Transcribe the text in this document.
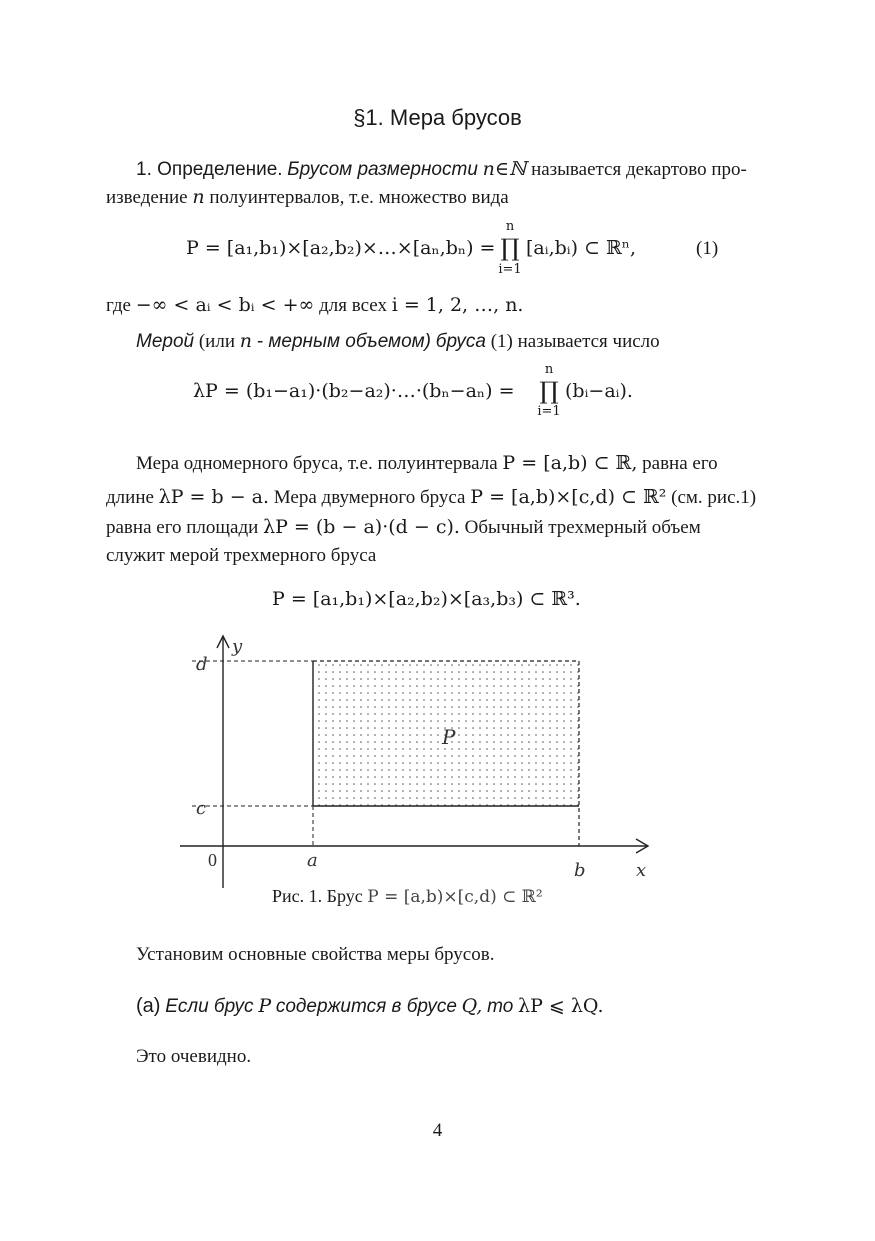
§1. Мера брусов
1. Определение. Брусом размерности n∈ℕ называется декартово про-
изведение n полуинтервалов, т.е. множество вида
P = [a₁,b₁)×[a₂,b₂)×…×[aₙ,bₙ) =
n
∏
i=1
[aᵢ,bᵢ) ⊂ ℝⁿ,	(1)
где −∞ < aᵢ < bᵢ < +∞ для всех i = 1, 2, …, n.
Мерой (или n - мерным объемом) бруса (1) называется число
λP = (b₁−a₁)·(b₂−a₂)·…·(bₙ−aₙ) =
n
∏
i=1
(bᵢ−aᵢ).
Мера одномерного бруса, т.е. полуинтервала P = [a,b) ⊂ ℝ, равна его
длине λP = b − a. Мера двумерного бруса P = [a,b)×[c,d) ⊂ ℝ² (см. рис.1)
равна его площади λP = (b − a)·(d − c). Обычный трехмерный объем
служит мерой трехмерного бруса
P = [a₁,b₁)×[a₂,b₂)×[a₃,b₃) ⊂ ℝ³.
y
x
d
c
0	a	b
P
Рис. 1. Брус P = [a,b)×[c,d) ⊂ ℝ²
Установим основные свойства меры брусов.
(а) Если брус P содержится в брусе Q, то λP ⩽ λQ.
Это очевидно.
4
